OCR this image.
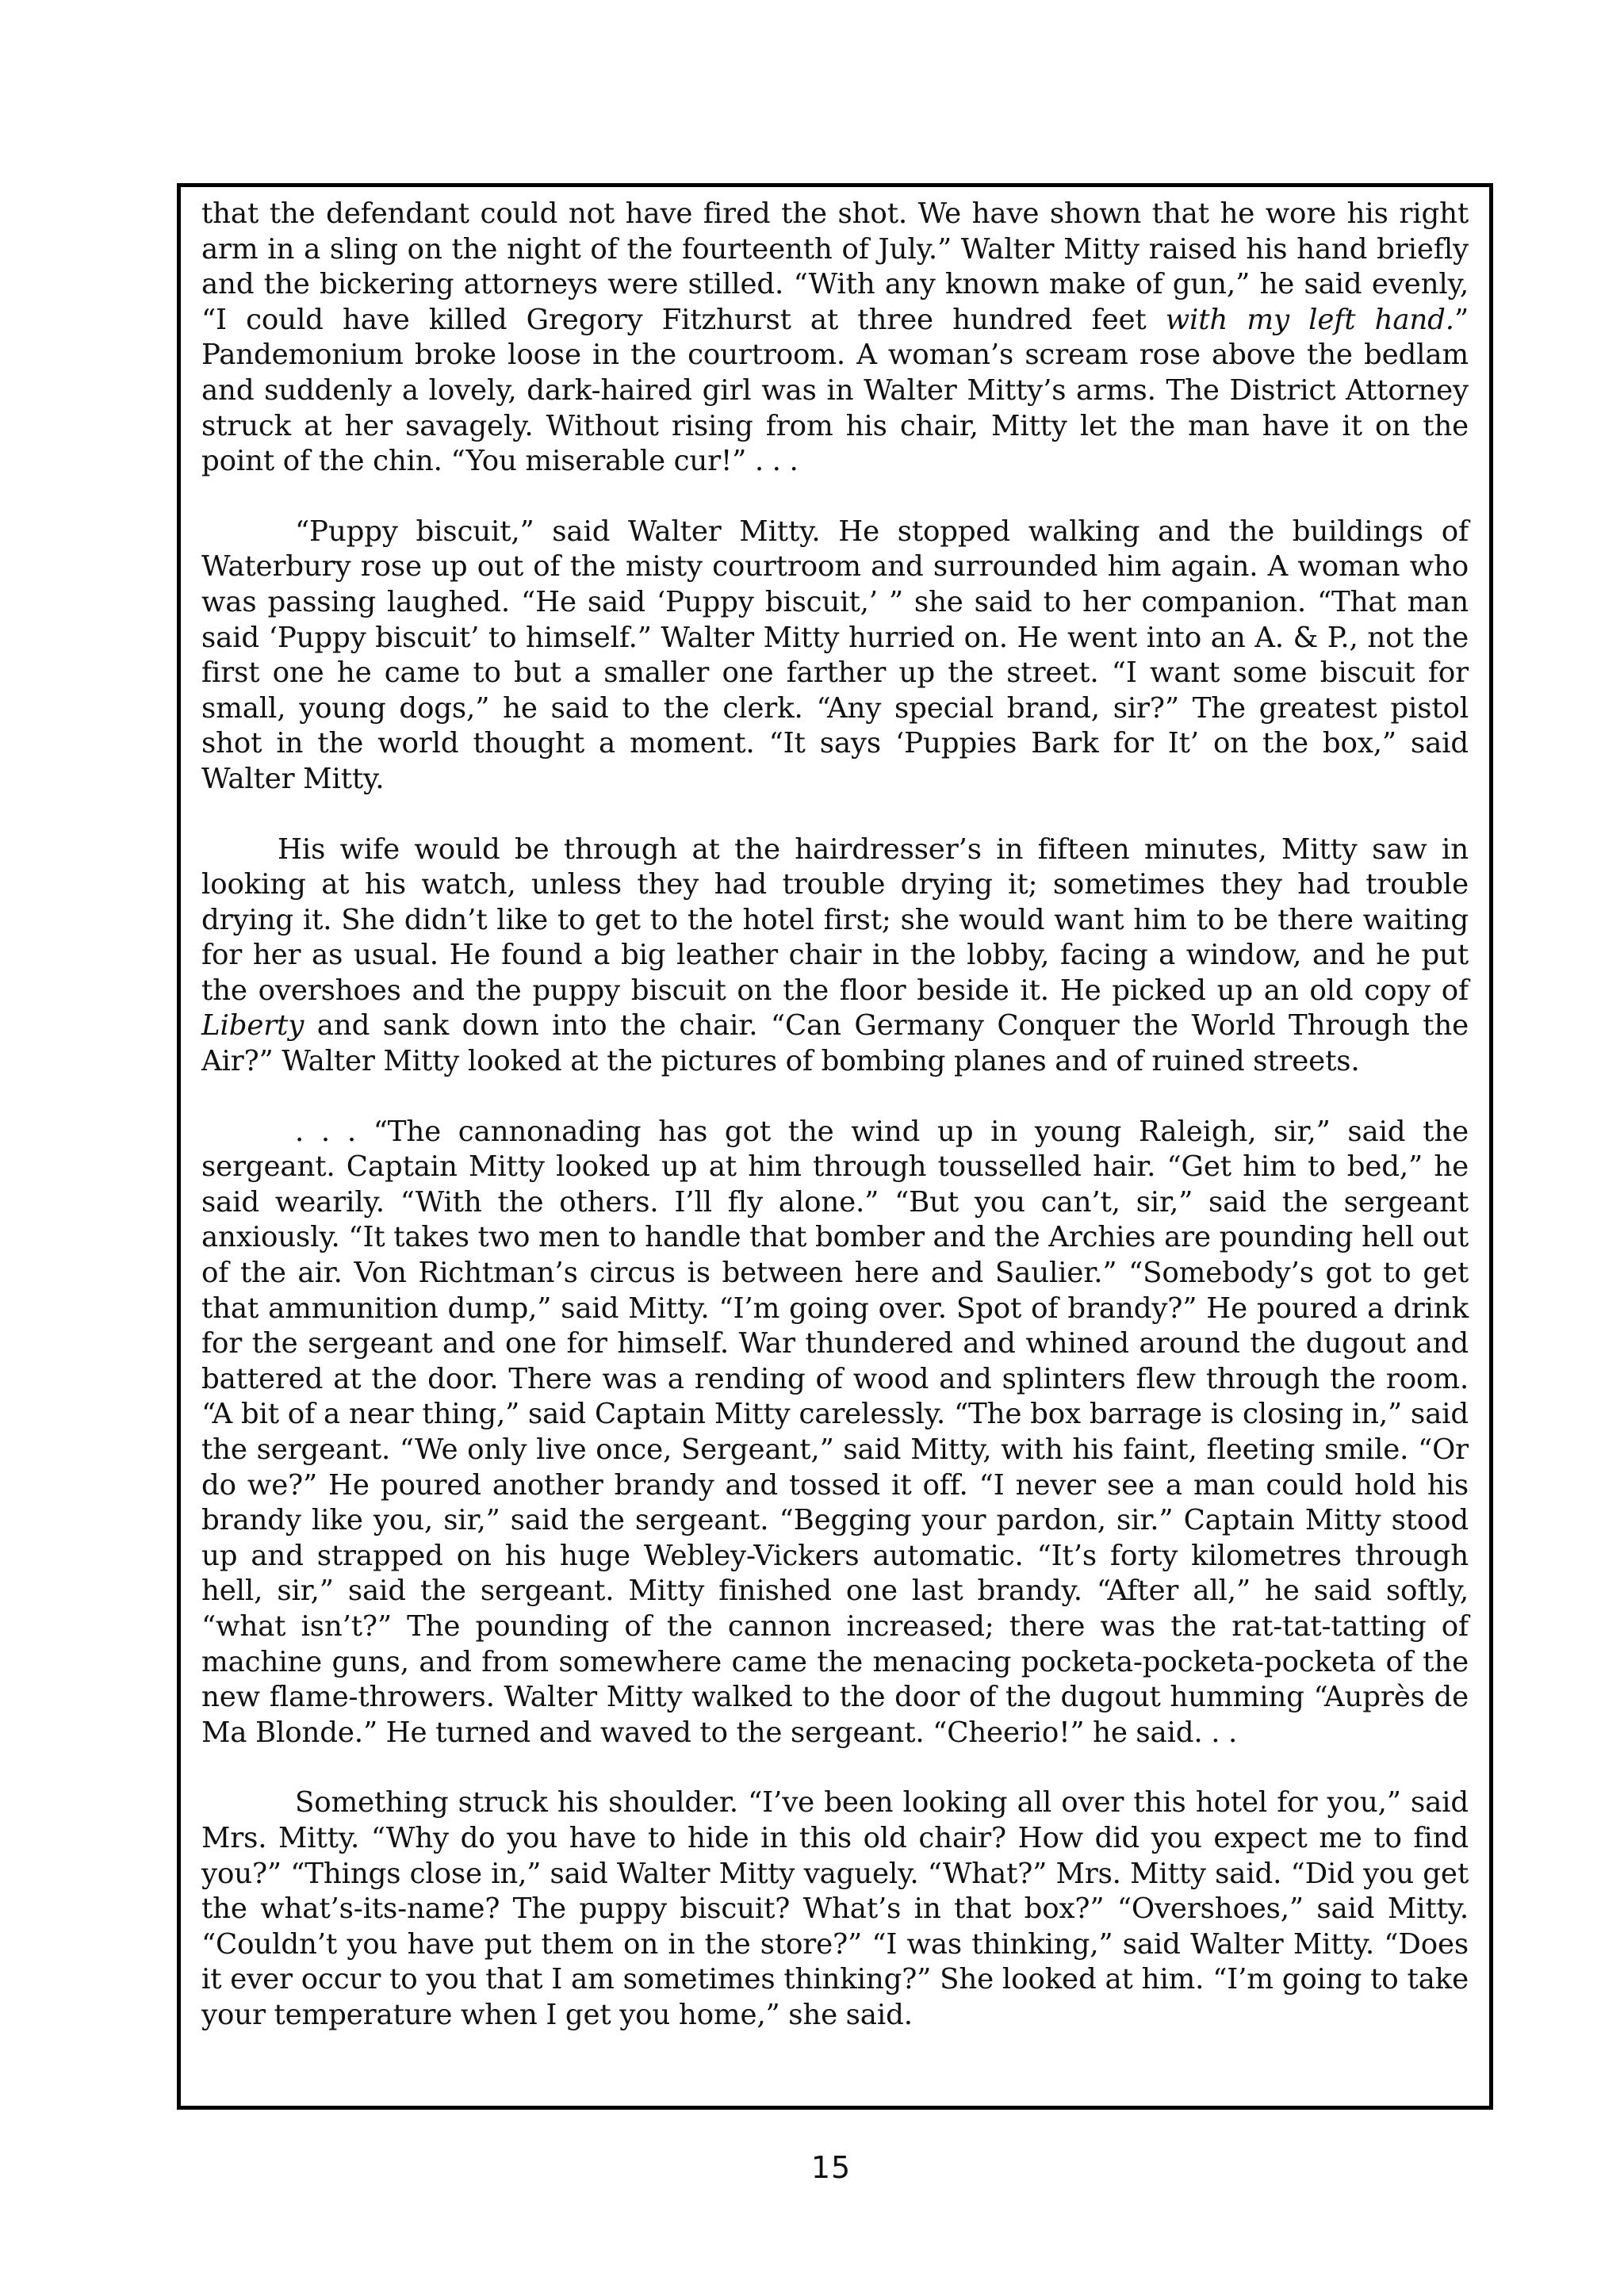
that the defendant could not have fired the shot. We have shown that he wore his right arm in a sling on the night of the fourteenth of July.” Walter Mitty raised his hand briefly and the bickering attorneys were stilled. “With any known make of gun,” he said evenly, “I could have killed Gregory Fitzhurst at three hundred feet with my left hand.” Pandemonium broke loose in the courtroom. A woman’s scream rose above the bedlam and suddenly a lovely, dark-haired girl was in Walter Mitty’s arms. The District Attorney struck at her savagely. Without rising from his chair, Mitty let the man have it on the point of the chin. “You miserable cur!” . . .

“Puppy biscuit,” said Walter Mitty. He stopped walking and the buildings of Waterbury rose up out of the misty courtroom and surrounded him again. A woman who was passing laughed. “He said ‘Puppy biscuit,’ ” she said to her companion. “That man said ‘Puppy biscuit’ to himself.” Walter Mitty hurried on. He went into an A. & P., not the first one he came to but a smaller one farther up the street. “I want some biscuit for small, young dogs,” he said to the clerk. “Any special brand, sir?” The greatest pistol shot in the world thought a moment. “It says ‘Puppies Bark for It’ on the box,” said Walter Mitty.

His wife would be through at the hairdresser’s in fifteen minutes, Mitty saw in looking at his watch, unless they had trouble drying it; sometimes they had trouble drying it. She didn’t like to get to the hotel first; she would want him to be there waiting for her as usual. He found a big leather chair in the lobby, facing a window, and he put the overshoes and the puppy biscuit on the floor beside it. He picked up an old copy of Liberty and sank down into the chair. “Can Germany Conquer the World Through the Air?” Walter Mitty looked at the pictures of bombing planes and of ruined streets.

. . . “The cannonading has got the wind up in young Raleigh, sir,” said the sergeant. Captain Mitty looked up at him through tousselled hair. “Get him to bed,” he said wearily. “With the others. I’ll fly alone.” “But you can’t, sir,” said the sergeant anxiously. “It takes two men to handle that bomber and the Archies are pounding hell out of the air. Von Richtman’s circus is between here and Saulier.” “Somebody’s got to get that ammunition dump,” said Mitty. “I’m going over. Spot of brandy?” He poured a drink for the sergeant and one for himself. War thundered and whined around the dugout and battered at the door. There was a rending of wood and splinters flew through the room. “A bit of a near thing,” said Captain Mitty carelessly. “The box barrage is closing in,” said the sergeant. “We only live once, Sergeant,” said Mitty, with his faint, fleeting smile. “Or do we?” He poured another brandy and tossed it off. “I never see a man could hold his brandy like you, sir,” said the sergeant. “Begging your pardon, sir.” Captain Mitty stood up and strapped on his huge Webley-Vickers automatic. “It’s forty kilometres through hell, sir,” said the sergeant. Mitty finished one last brandy. “After all,” he said softly, “what isn’t?” The pounding of the cannon increased; there was the rat-tat-tatting of machine guns, and from somewhere came the menacing pocketa-pocketa-pocketa of the new flame-throwers. Walter Mitty walked to the door of the dugout humming “Auprès de Ma Blonde.” He turned and waved to the sergeant. “Cheerio!” he said. . .

Something struck his shoulder. “I’ve been looking all over this hotel for you,” said Mrs. Mitty. “Why do you have to hide in this old chair? How did you expect me to find you?” “Things close in,” said Walter Mitty vaguely. “What?” Mrs. Mitty said. “Did you get the what’s-its-name? The puppy biscuit? What’s in that box?” “Overshoes,” said Mitty. “Couldn’t you have put them on in the store?” “I was thinking,” said Walter Mitty. “Does it ever occur to you that I am sometimes thinking?” She looked at him. “I’m going to take your temperature when I get you home,” she said.

15
